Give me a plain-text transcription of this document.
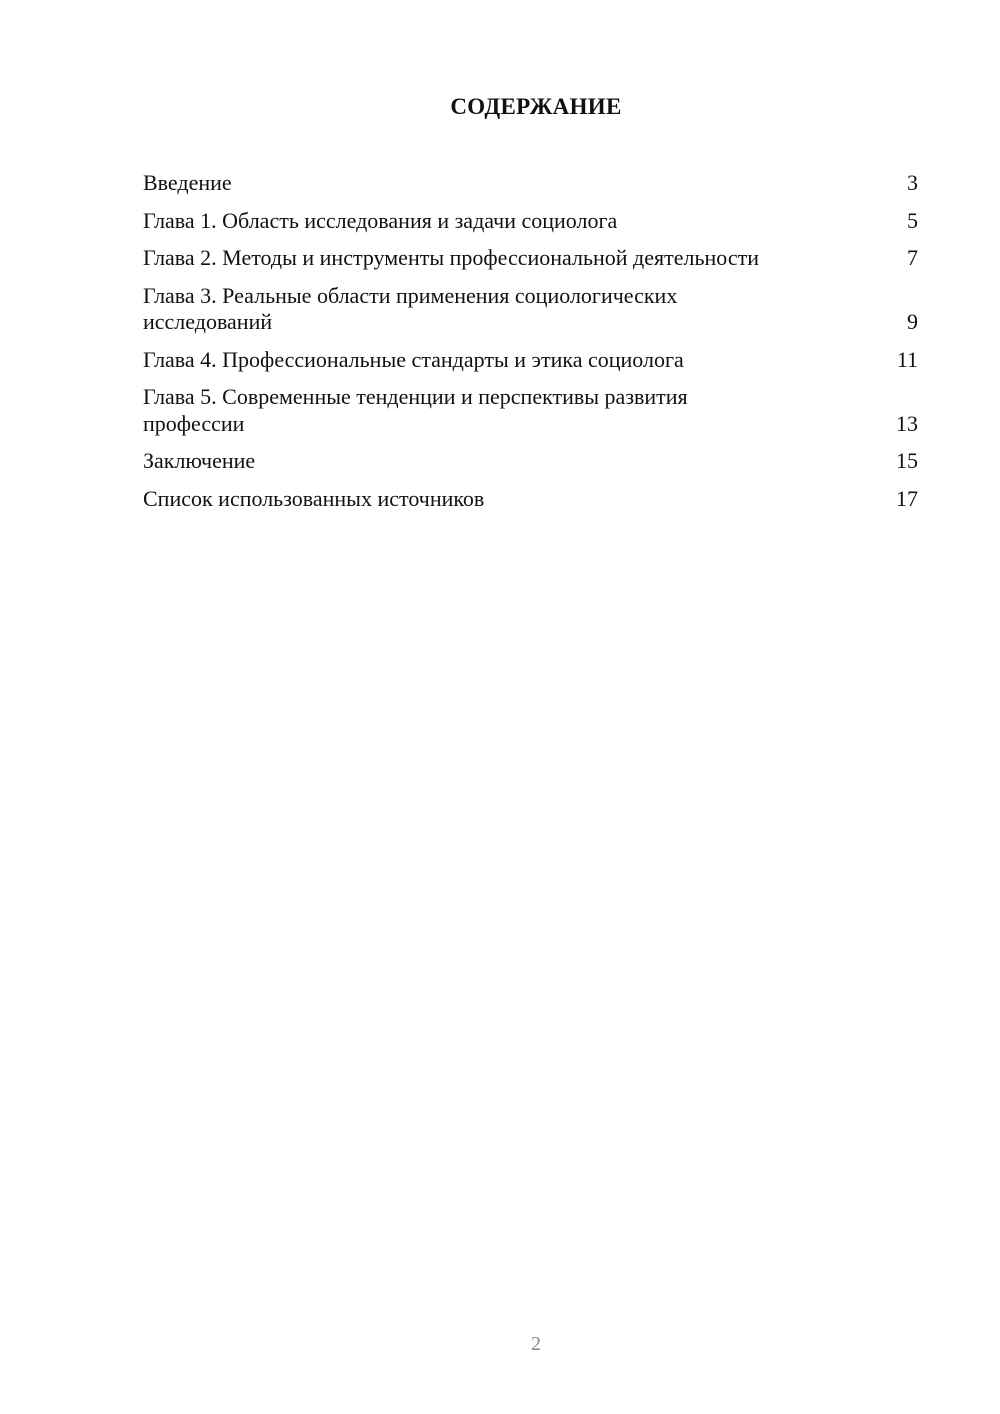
СОДЕРЖАНИЕ
Введение	3
Глава 1. Область исследования и задачи социолога	5
Глава 2. Методы и инструменты профессиональной деятельности	7
Глава 3. Реальные области применения социологических исследований	9
Глава 4. Профессиональные стандарты и этика социолога	11
Глава 5. Современные тенденции и перспективы развития профессии	13
Заключение	15
Список использованных источников	17
2
